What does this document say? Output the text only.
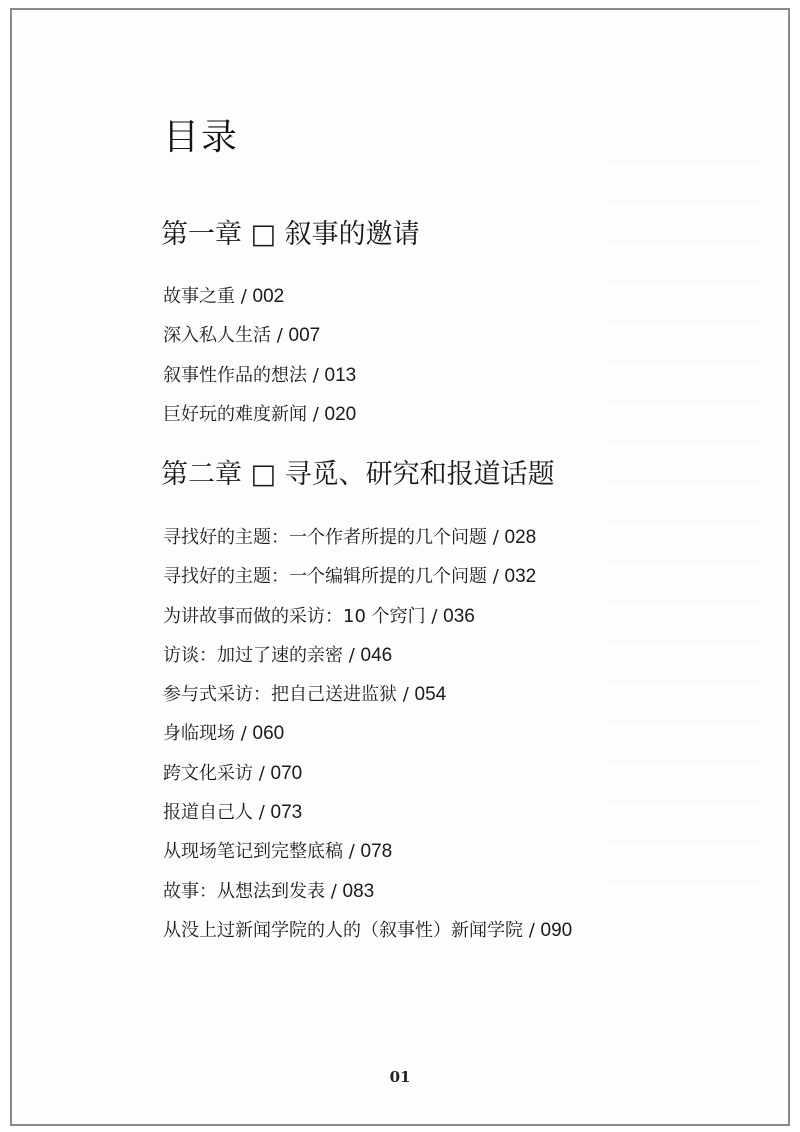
目录
第一章 □ 叙事的邀请
故事之重 / 002
深入私人生活 / 007
叙事性作品的想法 / 013
巨好玩的难度新闻 / 020
第二章 □ 寻觅、研究和报道话题
寻找好的主题：一个作者所提的几个问题 / 028
寻找好的主题：一个编辑所提的几个问题 / 032
为讲故事而做的采访：10 个窍门 / 036
访谈：加过了速的亲密 / 046
参与式采访：把自己送进监狱 / 054
身临现场 / 060
跨文化采访 / 070
报道自己人 / 073
从现场笔记到完整底稿 / 078
故事：从想法到发表 / 083
从没上过新闻学院的人的（叙事性）新闻学院 / 090
01
